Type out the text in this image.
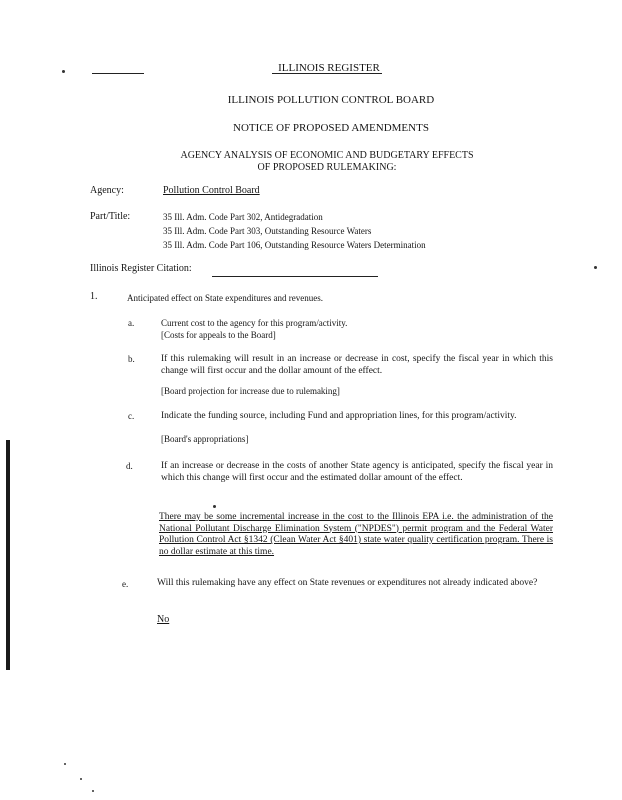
ILLINOIS REGISTER
ILLINOIS POLLUTION CONTROL BOARD
NOTICE OF PROPOSED AMENDMENTS
AGENCY ANALYSIS OF ECONOMIC AND BUDGETARY EFFECTS
OF PROPOSED RULEMAKING:
Agency:	Pollution Control Board
Part/Title:	35 Ill. Adm. Code Part 302, Antidegradation
35 Ill. Adm. Code Part 303, Outstanding Resource Waters
35 Ill. Adm. Code Part 106, Outstanding Resource Waters Determination
Illinois Register Citation:
1.	Anticipated effect on State expenditures and revenues.
a.	Current cost to the agency for this program/activity.
[Costs for appeals to the Board]
b.	If this rulemaking will result in an increase or decrease in cost, specify the fiscal year in which this change will first occur and the dollar amount of the effect.
[Board projection for increase due to rulemaking]
c.	Indicate the funding source, including Fund and appropriation lines, for this program/activity.
[Board's appropriations]
d.	If an increase or decrease in the costs of another State agency is anticipated, specify the fiscal year in which this change will first occur and the estimated dollar amount of the effect.
There may be some incremental increase in the cost to the Illinois EPA i.e. the administration of the National Pollutant Discharge Elimination System ("NPDES") permit program and the Federal Water Pollution Control Act §1342 (Clean Water Act §401) state water quality certification program. There is no dollar estimate at this time.
e.	Will this rulemaking have any effect on State revenues or expenditures not already indicated above?
No
